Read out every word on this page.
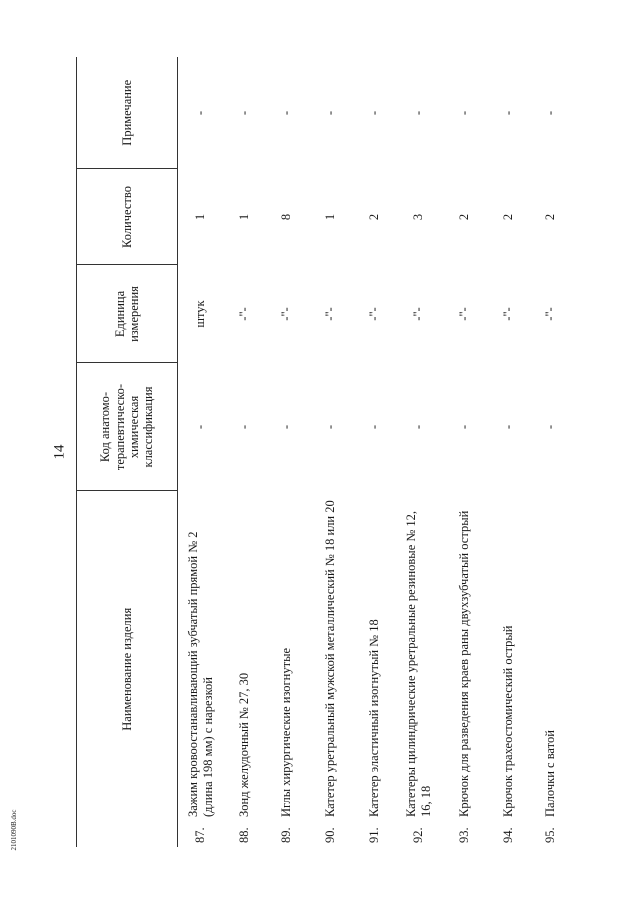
14
2101090B.doc
Наименование изделия		Код анатомо-терапевтическо-химическая классификация	Единица измерения	Количество	Примечание
87.	Зажим кровоостанавливающий зубчатый прямой № 2 (длина 198 мм) с нарезкой	-	штук	1	-
88.	Зонд желудочный № 27, 30	-	-"-	1	-
89.	Иглы хирургические изогнутые	-	-"-	8	-
90.	Катетер уретральный мужской металлический № 18 или 20	-	-"-	1	-
91.	Катетер эластичный изогнутый № 18	-	-"-	2	-
92.	Катетеры цилиндрические уретральные резиновые № 12, 16, 18	-	-"-	3	-
93.	Крючок для разведения краев раны двухзубчатый острый	-	-"-	2	-
94.	Крючок трахеостомический острый	-	-"-	2	-
95.	Палочки с ватой	-	-"-	2	-
